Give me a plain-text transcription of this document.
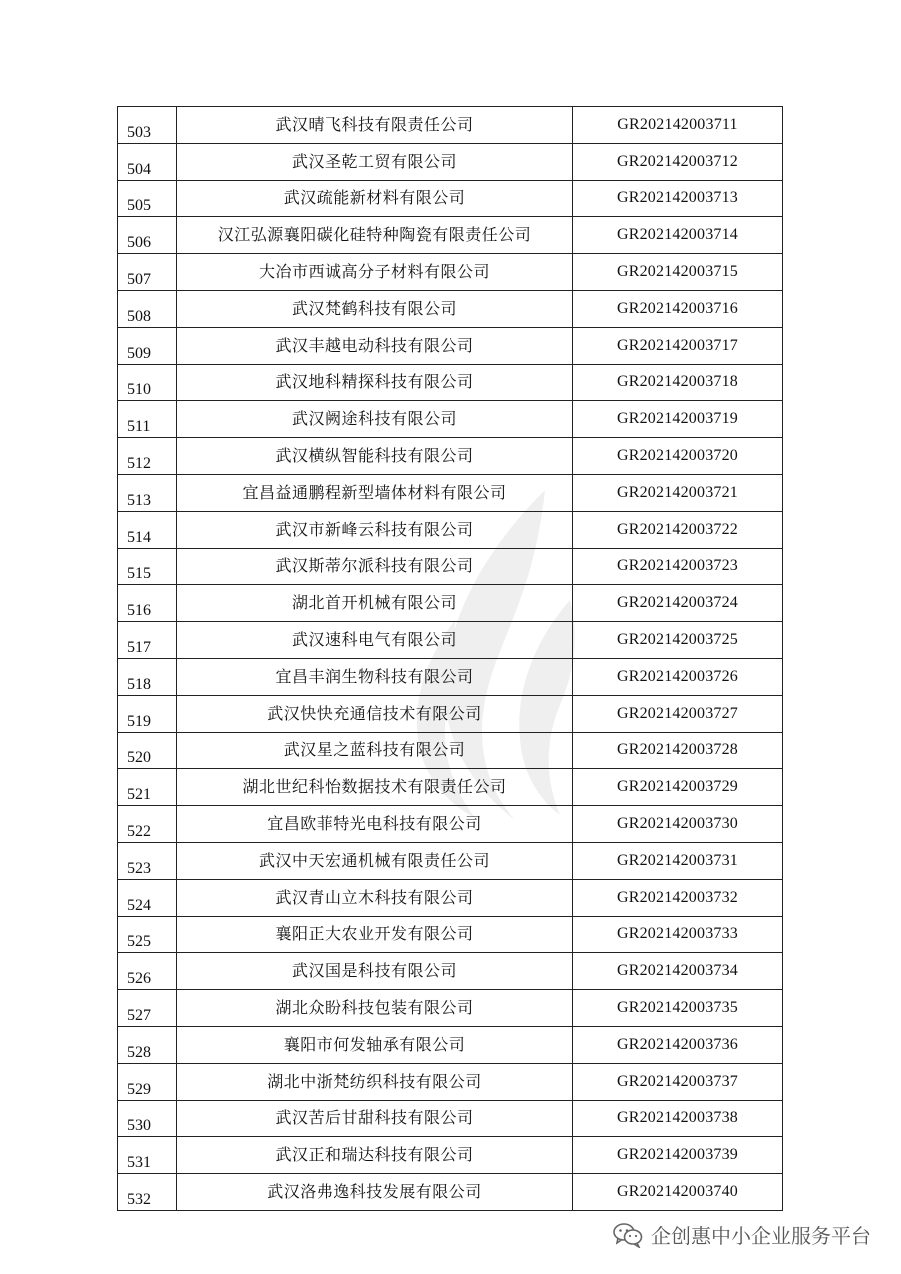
503	武汉晴飞科技有限责任公司	GR202142003711
504	武汉圣乾工贸有限公司	GR202142003712
505	武汉疏能新材料有限公司	GR202142003713
506	汉江弘源襄阳碳化硅特种陶瓷有限责任公司	GR202142003714
507	大冶市西诚高分子材料有限公司	GR202142003715
508	武汉梵鹤科技有限公司	GR202142003716
509	武汉丰越电动科技有限公司	GR202142003717
510	武汉地科精探科技有限公司	GR202142003718
511	武汉阙途科技有限公司	GR202142003719
512	武汉横纵智能科技有限公司	GR202142003720
513	宜昌益通鹏程新型墙体材料有限公司	GR202142003721
514	武汉市新峰云科技有限公司	GR202142003722
515	武汉斯蒂尔派科技有限公司	GR202142003723
516	湖北首开机械有限公司	GR202142003724
517	武汉速科电气有限公司	GR202142003725
518	宜昌丰润生物科技有限公司	GR202142003726
519	武汉快快充通信技术有限公司	GR202142003727
520	武汉星之蓝科技有限公司	GR202142003728
521	湖北世纪科怡数据技术有限责任公司	GR202142003729
522	宜昌欧菲特光电科技有限公司	GR202142003730
523	武汉中天宏通机械有限责任公司	GR202142003731
524	武汉青山立木科技有限公司	GR202142003732
525	襄阳正大农业开发有限公司	GR202142003733
526	武汉国是科技有限公司	GR202142003734
527	湖北众盼科技包装有限公司	GR202142003735
528	襄阳市何发轴承有限公司	GR202142003736
529	湖北中浙梵纺织科技有限公司	GR202142003737
530	武汉苦后甘甜科技有限公司	GR202142003738
531	武汉正和瑞达科技有限公司	GR202142003739
532	武汉洛弗逸科技发展有限公司	GR202142003740
企创惠中小企业服务平台
